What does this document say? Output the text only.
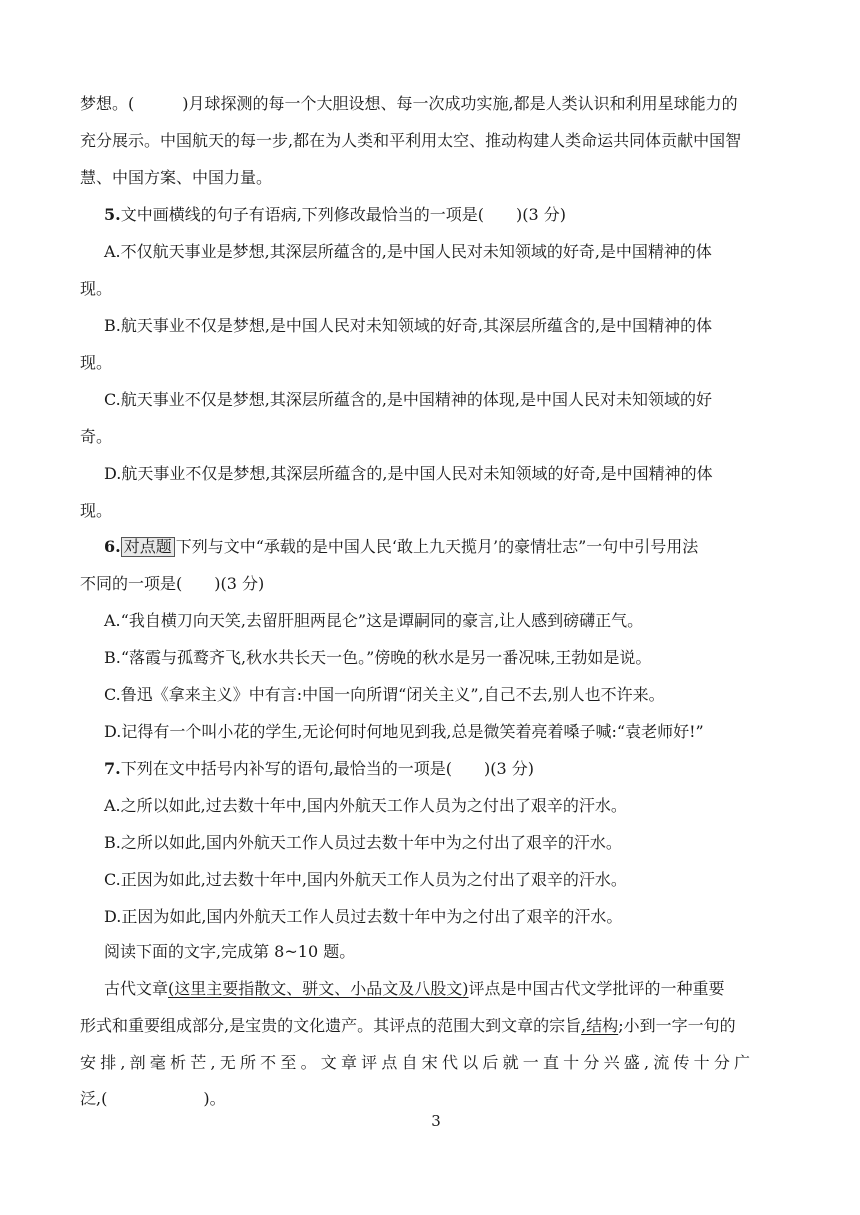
梦想。(　　　)月球探测的每一个大胆设想、每一次成功实施,都是人类认识和利用星球能力的
充分展示。中国航天的每一步,都在为人类和平利用太空、推动构建人类命运共同体贡献中国智
慧、中国方案、中国力量。
5.文中画横线的句子有语病,下列修改最恰当的一项是(　　)(3 分)
A.不仅航天事业是梦想,其深层所蕴含的,是中国人民对未知领域的好奇,是中国精神的体
现。
B.航天事业不仅是梦想,是中国人民对未知领域的好奇,其深层所蕴含的,是中国精神的体
现。
C.航天事业不仅是梦想,其深层所蕴含的,是中国精神的体现,是中国人民对未知领域的好
奇。
D.航天事业不仅是梦想,其深层所蕴含的,是中国人民对未知领域的好奇,是中国精神的体
现。
6. 对点题 下列与文中“承载的是中国人民‘敢上九天揽月’的豪情壮志”一句中引号用法
不同的一项是(　　)(3 分)
A.“我自横刀向天笑,去留肝胆两昆仑”这是谭嗣同的豪言,让人感到磅礴正气。
B.“落霞与孤鹜齐飞,秋水共长天一色。”傍晚的秋水是另一番况味,王勃如是说。
C.鲁迅《拿来主义》中有言:中国一向所谓“闭关主义”,自己不去,别人也不许来。
D.记得有一个叫小花的学生,无论何时何地见到我,总是微笑着亮着嗓子喊:“袁老师好!”
7.下列在文中括号内补写的语句,最恰当的一项是(　　)(3 分)
A.之所以如此,过去数十年中,国内外航天工作人员为之付出了艰辛的汗水。
B.之所以如此,国内外航天工作人员过去数十年中为之付出了艰辛的汗水。
C.正因为如此,过去数十年中,国内外航天工作人员为之付出了艰辛的汗水。
D.正因为如此,国内外航天工作人员过去数十年中为之付出了艰辛的汗水。
阅读下面的文字,完成第 8~10 题。
古代文章(这里主要指散文、骈文、小品文及八股文)评点是中国古代文学批评的一种重要
形式和重要组成部分,是宝贵的文化遗产。其评点的范围大到文章的宗旨,结构;小到一字一句的
安排,剖毫析芒,无所不至。文章评点自宋代以后就一直十分兴盛,流传十分广
泛,(　　　　　　)。
3
